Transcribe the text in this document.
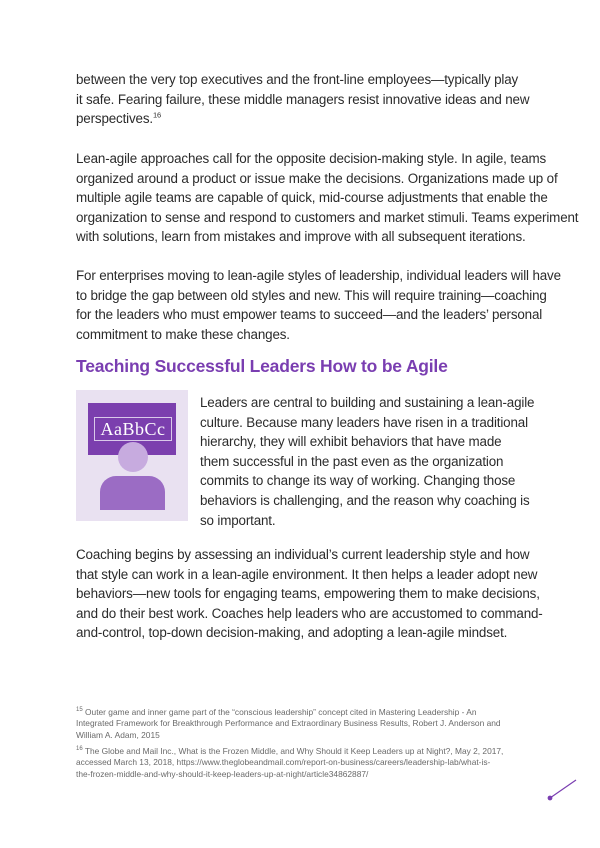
between the very top executives and the front-line employees—typically play
it safe. Fearing failure, these middle managers resist innovative ideas and new
perspectives.$^{16}$

Lean-agile approaches call for the opposite decision-making style. In agile, teams
organized around a product or issue make the decisions. Organizations made up of
multiple agile teams are capable of quick, mid-course adjustments that enable the
organization to sense and respond to customers and market stimuli. Teams experiment
with solutions, learn from mistakes and improve with all subsequent iterations.

For enterprises moving to lean-agile styles of leadership, individual leaders will have
to bridge the gap between old styles and new. This will require training—coaching
for the leaders who must empower teams to succeed—and the leaders’ personal
commitment to make these changes.

Teaching Successful Leaders How to be Agile
AaBbCc

Leaders are central to building and sustaining a lean-agile
culture. Because many leaders have risen in a traditional
hierarchy, they will exhibit behaviors that have made
them successful in the past even as the organization
commits to change its way of working. Changing those
behaviors is challenging, and the reason why coaching is
so important.

Coaching begins by assessing an individual’s current leadership style and how
that style can work in a lean-agile environment. It then helps a leader adopt new
behaviors—new tools for engaging teams, empowering them to make decisions,
and do their best work. Coaches help leaders who are accustomed to command-
and-control, top-down decision-making, and adopting a lean-agile mindset.

$^{15}$ Outer game and inner game part of the “conscious leadership” concept cited in Mastering Leadership - An
Integrated Framework for Breakthrough Performance and Extraordinary Business Results, Robert J. Anderson and
William A. Adam, 2015
$^{16}$ The Globe and Mail Inc., What is the Frozen Middle, and Why Should it Keep Leaders up at Night?, May 2, 2017,
accessed March 13, 2018, https://www.theglobeandmail.com/report-on-business/careers/leadership-lab/what-is-
the-frozen-middle-and-why-should-it-keep-leaders-up-at-night/article34862887/
